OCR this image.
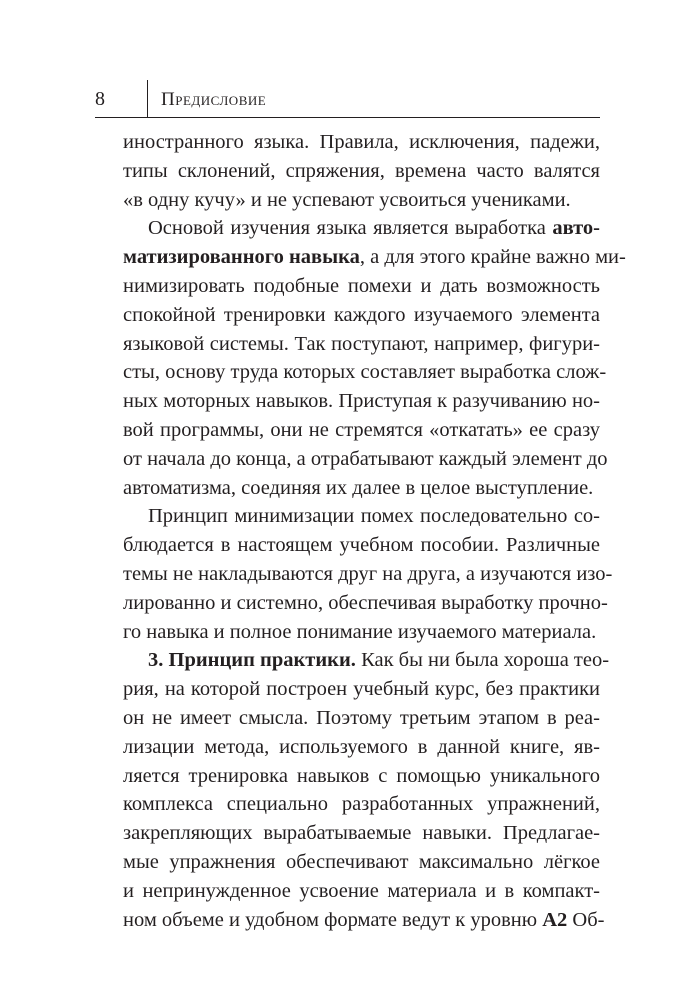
8	Предисловие
иностранного языка. Правила, исключения, падежи,
типы склонений, спряжения, времена часто валятся
«в одну кучу» и не успевают усвоиться учениками.
Основой изучения языка является выработка авто-
матизированного навыка, а для этого крайне важно ми-
нимизировать подобные помехи и дать возможность
спокойной тренировки каждого изучаемого элемента
языковой системы. Так поступают, например, фигури-
сты, основу труда которых составляет выработка слож-
ных моторных навыков. Приступая к разучиванию но-
вой программы, они не стремятся «откатать» ее сразу
от начала до конца, а отрабатывают каждый элемент до
автоматизма, соединяя их далее в целое выступление.
Принцип минимизации помех последовательно со-
блюдается в настоящем учебном пособии. Различные
темы не накладываются друг на друга, а изучаются изо-
лированно и системно, обеспечивая выработку прочно-
го навыка и полное понимание изучаемого материала.
3. Принцип практики. Как бы ни была хороша тео-
рия, на которой построен учебный курс, без практики
он не имеет смысла. Поэтому третьим этапом в реа-
лизации метода, используемого в данной книге, яв-
ляется тренировка навыков с помощью уникального
комплекса специально разработанных упражнений,
закрепляющих вырабатываемые навыки. Предлагае-
мые упражнения обеспечивают максимально лёгкое
и непринужденное усвоение материала и в компакт-
ном объеме и удобном формате ведут к уровню А2 Об-
